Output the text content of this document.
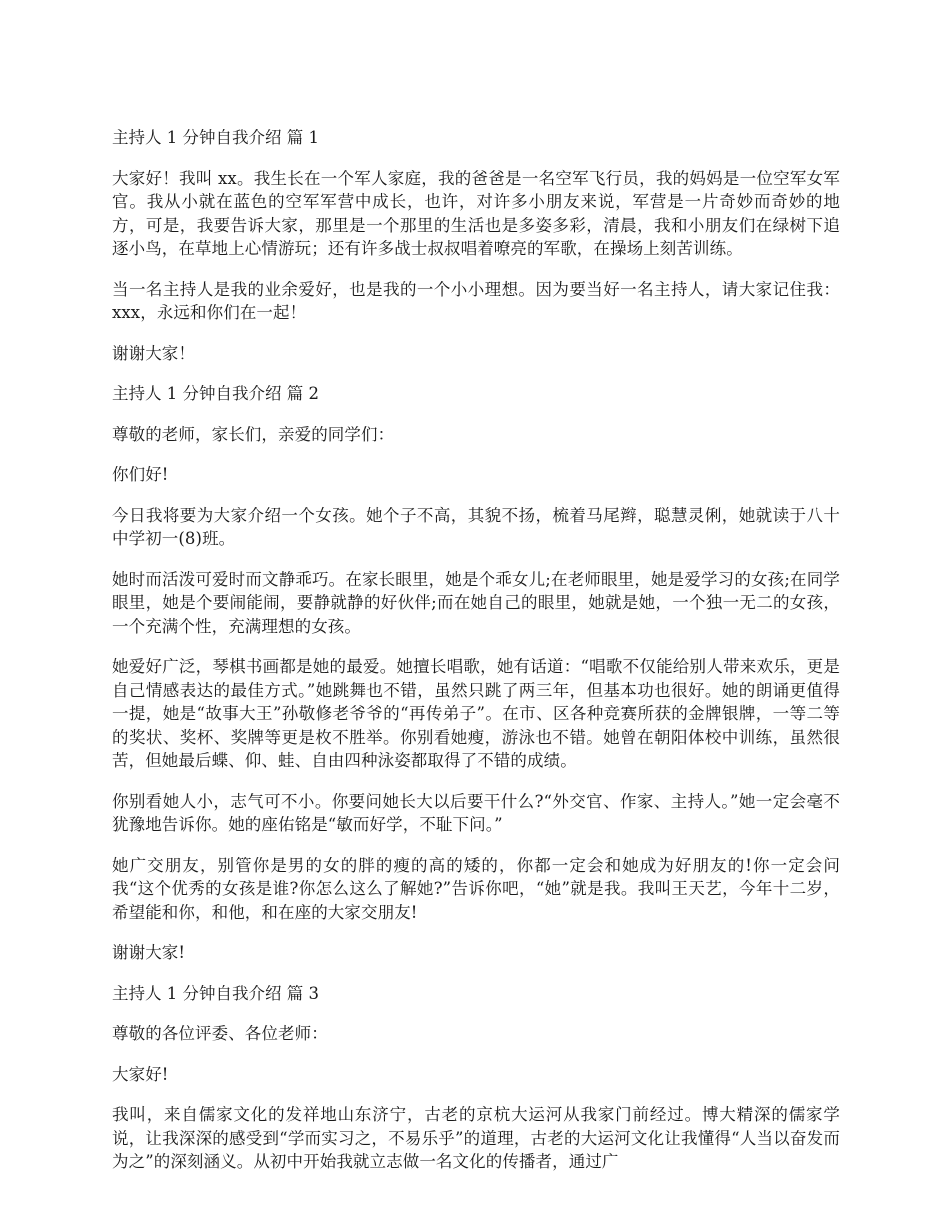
主持人 1 分钟自我介绍 篇 1

大家好！我叫 xx。我生长在一个军人家庭，我的爸爸是一名空军飞行员，我的妈妈是一位空军女军官。我从小就在蓝色的空军军营中成长，也许，对许多小朋友来说，军营是一片奇妙而奇妙的地方，可是，我要告诉大家，那里是一个那里的生活也是多姿多彩，清晨，我和小朋友们在绿树下追逐小鸟，在草地上心情游玩；还有许多战士叔叔唱着嘹亮的军歌，在操场上刻苦训练。

当一名主持人是我的业余爱好，也是我的一个小小理想。因为要当好一名主持人，请大家记住我：xxx，永远和你们在一起！

谢谢大家！

主持人 1 分钟自我介绍 篇 2

尊敬的老师，家长们，亲爱的同学们：

你们好!

今日我将要为大家介绍一个女孩。她个子不高，其貌不扬，梳着马尾辫，聪慧灵俐，她就读于八十中学初一(8)班。

她时而活泼可爱时而文静乖巧。在家长眼里，她是个乖女儿;在老师眼里，她是爱学习的女孩;在同学眼里，她是个要闹能闹，要静就静的好伙伴;而在她自己的眼里，她就是她，一个独一无二的女孩，一个充满个性，充满理想的女孩。

她爱好广泛，琴棋书画都是她的最爱。她擅长唱歌，她有话道：“唱歌不仅能给别人带来欢乐，更是自己情感表达的最佳方式。”她跳舞也不错，虽然只跳了两三年，但基本功也很好。她的朗诵更值得一提，她是“故事大王”孙敬修老爷爷的“再传弟子”。在市、区各种竞赛所获的金牌银牌，一等二等的奖状、奖杯、奖牌等更是枚不胜举。你别看她瘦，游泳也不错。她曾在朝阳体校中训练，虽然很苦，但她最后蝶、仰、蛙、自由四种泳姿都取得了不错的成绩。

你别看她人小，志气可不小。你要问她长大以后要干什么?“外交官、作家、主持人。”她一定会毫不犹豫地告诉你。她的座佑铭是“敏而好学，不耻下问。”

她广交朋友，别管你是男的女的胖的瘦的高的矮的，你都一定会和她成为好朋友的!你一定会问我“这个优秀的女孩是谁?你怎么这么了解她?”告诉你吧，“她”就是我。我叫王天艺，今年十二岁，希望能和你，和他，和在座的大家交朋友!

谢谢大家!

主持人 1 分钟自我介绍 篇 3

尊敬的各位评委、各位老师：

大家好!

我叫，来自儒家文化的发祥地山东济宁，古老的京杭大运河从我家门前经过。博大精深的儒家学说，让我深深的感受到“学而实习之，不易乐乎”的道理，古老的大运河文化让我懂得“人当以奋发而为之”的深刻涵义。从初中开始我就立志做一名文化的传播者，通过广
